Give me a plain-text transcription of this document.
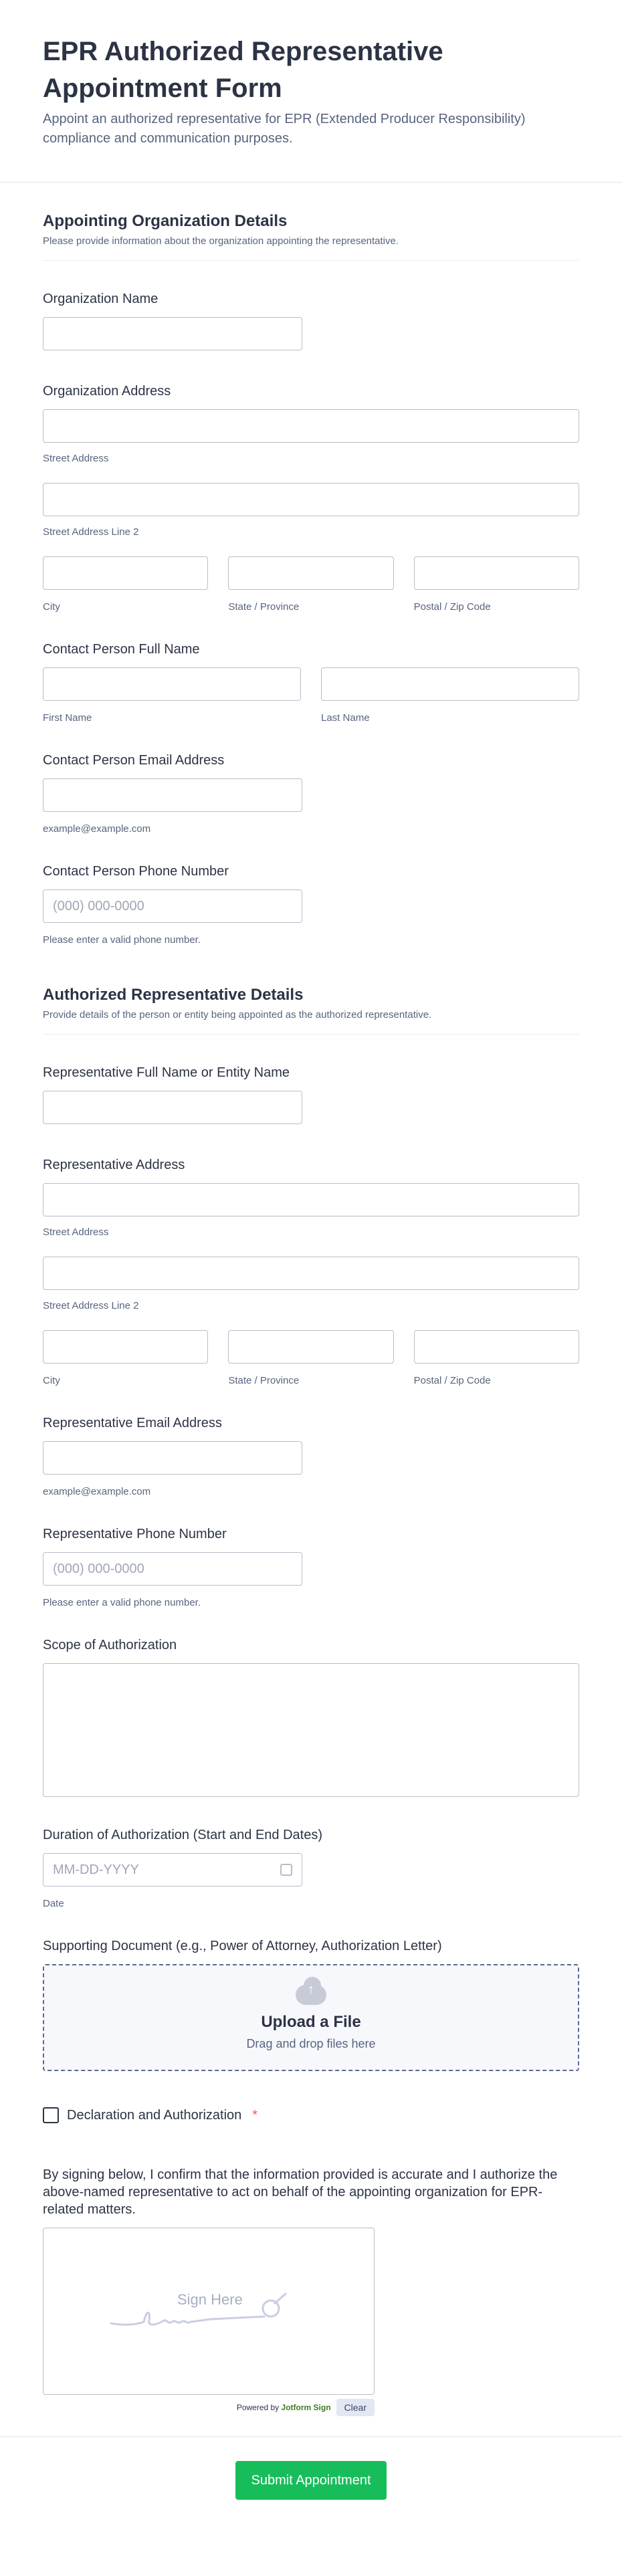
EPR Authorized Representative Appointment Form

Appoint an authorized representative for EPR (Extended Producer Responsibility) compliance and communication purposes.

Appointing Organization Details

Please provide information about the organization appointing the representative.

Organization Name
Organization Address
Street Address
Street Address Line 2
City	State / Province	Postal / Zip Code
Contact Person Full Name
First Name	Last Name
Contact Person Email Address
example@example.com
Contact Person Phone Number
(000) 000-0000
Please enter a valid phone number.
Authorized Representative Details

Provide details of the person or entity being appointed as the authorized representative.

Representative Full Name or Entity Name
Representative Address
Street Address
Street Address Line 2
City	State / Province	Postal / Zip Code
Representative Email Address
example@example.com
Representative Phone Number
(000) 000-0000
Please enter a valid phone number.
Scope of Authorization
Duration of Authorization (Start and End Dates)
MM-DD-YYYY
Date
Supporting Document (e.g., Power of Attorney, Authorization Letter)
↑
Upload a File
Drag and drop files here
Declaration and Authorization *

By signing below, I confirm that the information provided is accurate and I authorize the above-named representative to act on behalf of the appointing organization for EPR-related matters.

Sign Here
Powered by Jotform Sign	Clear
Submit Appointment
